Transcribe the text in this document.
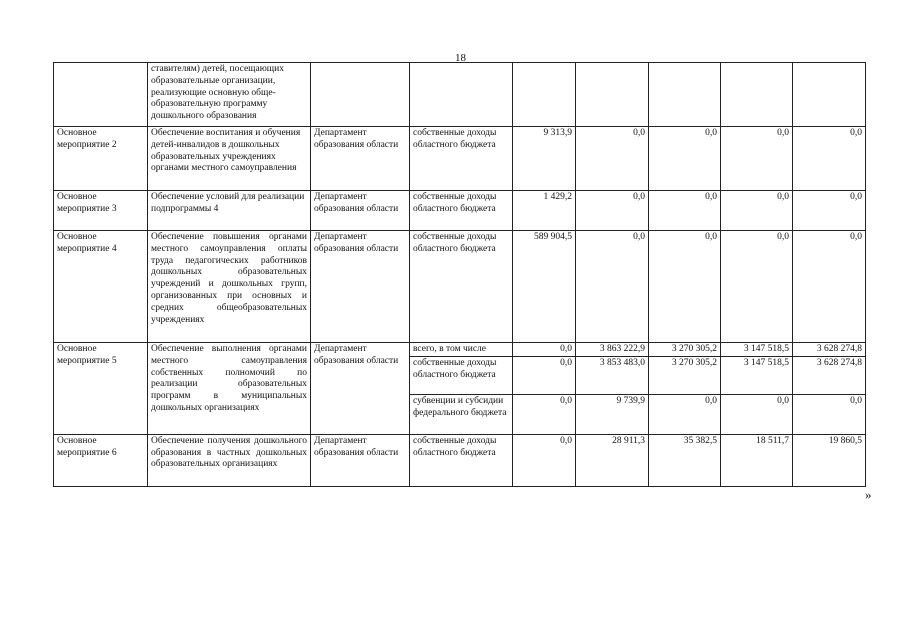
18
	ставителям) детей, посещающих образовательные организации, реализующие основную обще-образовательную программу дошкольного образования							
Основное мероприятие 2	Обеспечение воспитания и обучения детей-инвалидов в дошкольных образовательных учреждениях органами местного самоуправления	Департамент образования области	собственные доходы областного бюджета	9 313,9	0,0	0,0	0,0	0,0
Основное мероприятие 3	Обеспечение условий для реализации подпрограммы 4	Департамент образования области	собственные доходы областного бюджета	1 429,2	0,0	0,0	0,0	0,0
Основное мероприятие 4	Обеспечение повышения органами местного самоуправления оплаты труда педагогических работников дошкольных образовательных учреждений и дошкольных групп, организованных при основных и средних общеобразовательных учреждениях	Департамент образования области	собственные доходы областного бюджета	589 904,5	0,0	0,0	0,0	0,0
Основное мероприятие 5	Обеспечение выполнения органами местного самоуправления собственных полномочий по реализации образовательных программ в муниципальных дошкольных организациях	Департамент образования области	всего, в том числе	0,0	3 863 222,9	3 270 305,2	3 147 518,5	3 628 274,8
			собственные доходы областного бюджета	0,0	3 853 483,0	3 270 305,2	3 147 518,5	3 628 274,8
			субвенции и субсидии федерального бюджета	0,0	9 739,9	0,0	0,0	0,0
Основное мероприятие 6	Обеспечение получения дошкольного образования в частных дошкольных образовательных организациях	Департамент образования области	собственные доходы областного бюджета	0,0	28 911,3	35 382,5	18 511,7	19 860,5
»
